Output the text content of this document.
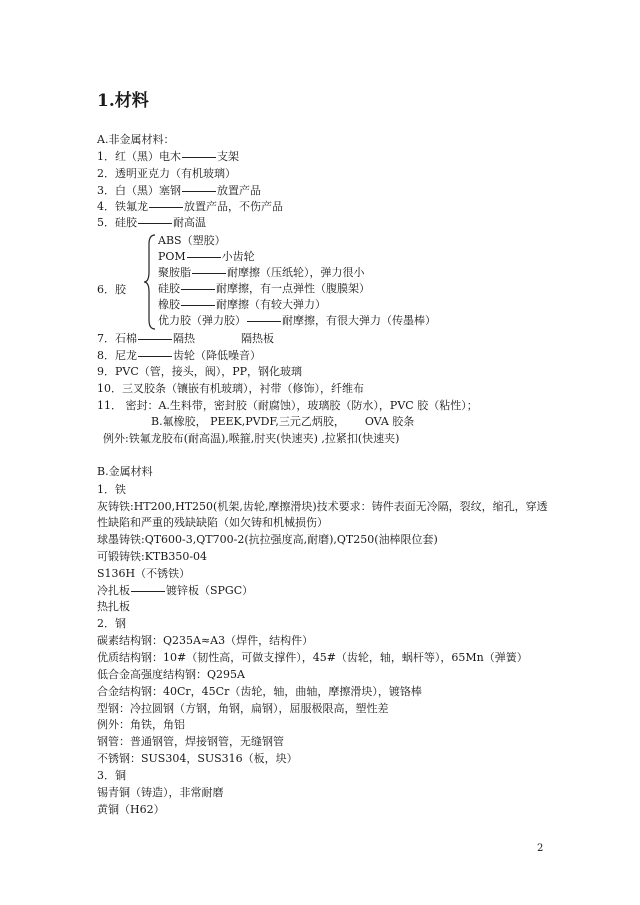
1.材料
A.非金属材料：
1．红（黑）电木	支架
2．透明亚克力（有机玻璃）
3．白（黑）塞钢	放置产品
4．铁氟龙	放置产品，不伤产品
5．硅胶	耐高温
6．胶
ABS（塑胶）
POM	小齿轮
聚胺脂	耐摩擦（压纸轮），弹力很小
硅胶	耐摩擦，有一点弹性（腹膜架）
橡胶	耐摩擦（有较大弹力）
优力胶（弹力胶）	耐摩擦，有很大弹力（传墨棒）
7．石棉	隔热	隔热板
8．尼龙	齿轮（降低噪音）
9．PVC（管，接头，阀），PP，钢化玻璃
10．三叉胶条（镶嵌有机玻璃），衬带（修饰），纤维布
11． 密封：A.生料带，密封胶（耐腐蚀），玻璃胶（防水），PVC 胶（粘性）；
B.氟橡胶， PEEK,PVDF,三元乙炳胶， OVA 胶条
例外:铁氟龙胶布(耐高温),喉箍,肘夹(快速夹) ,拉紧扣(快速夹)
B.金属材料
1．铁
灰铸铁:HT200,HT250(机架,齿轮,摩擦滑块)技术要求：铸件表面无冷隔，裂纹，缩孔，穿透
性缺陷和严重的残缺缺陷（如欠铸和机械损伤）
球墨铸铁:QT600-3,QT700-2(抗拉强度高,耐磨),QT250(油棒限位套)
可锻铸铁:KTB350-04
S136H（不锈铁）
冷扎板	镀锌板（SPGC）
热扎板
2．钢
碳素结构钢：Q235A≈A3（焊件，结构件）
优质结构钢：10#（韧性高，可做支撑件），45#（齿轮，轴，蜗杆等），65Mn（弹簧）
低合金高强度结构钢：Q295A
合金结构钢：40Cr，45Cr（齿轮，轴，曲轴，摩擦滑块），镀铬棒
型钢：冷拉圆钢（方钢，角钢，扁钢），屈服极限高，塑性差
例外：角铁，角铝
钢管：普通钢管，焊接钢管，无缝钢管
不锈钢：SUS304，SUS316（板，块）
3．铜
锡青铜（铸造），非常耐磨
黄铜（H62）
2
